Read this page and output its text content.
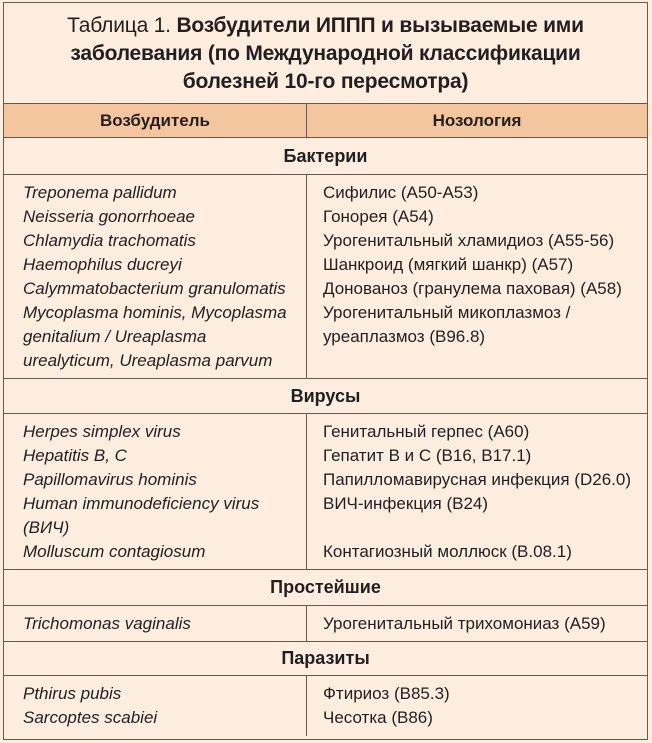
Таблица 1. Возбудители ИППП и вызываемые ими
заболевания (по Международной классификации
болезней 10-го пересмотра)
Возбудитель	Нозология
Бактерии
Treponema pallidum
Neisseria gonorrhoeae
Chlamydia trachomatis
Haemophilus ducreyi
Calymmatobacterium granulomatis
Mycoplasma hominis, Mycoplasma
genitalium / Ureaplasma
urealyticum, Ureaplasma parvum
Сифилис (А50-А53)
Гонорея (А54)
Урогенитальный хламидиоз (А55-56)
Шанкроид (мягкий шанкр) (А57)
Донованоз (гранулема паховая) (А58)
Урогенитальный микоплазмоз /
уреаплазмоз (В96.8)
Вирусы
Herpes simplex virus
Hepatitis B, C
Papillomavirus hominis
Human immunodeficiency virus
(ВИЧ)
Molluscum contagiosum
Генитальный герпес (А60)
Гепатит В и С (В16, В17.1)
Папилломавирусная инфекция (D26.0)
ВИЧ-инфекция (В24)
Контагиозный моллюск (В.08.1)
Простейшие
Trichomonas vaginalis	Урогенитальный трихомониаз (А59)
Паразиты
Pthirus pubis
Sarcoptes scabiei
Фтириоз (В85.3)
Чесотка (В86)
